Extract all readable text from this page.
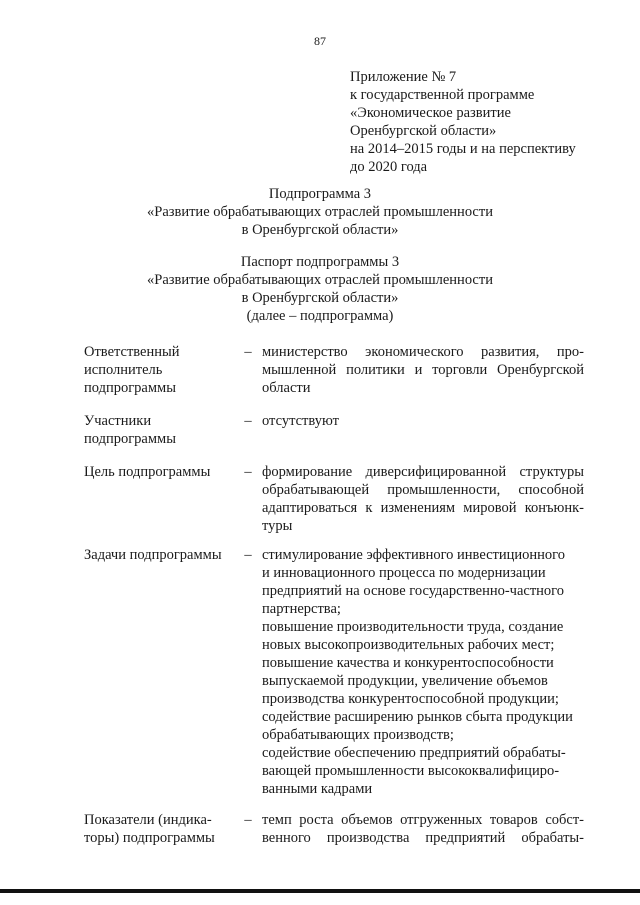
87
Приложение № 7
к государственной программе
«Экономическое развитие
Оренбургской области»
на 2014–2015 годы и на перспективу
до 2020 года
Подпрограмма 3
«Развитие обрабатывающих отраслей промышленности
в Оренбургской области»
Паспорт подпрограммы 3
«Развитие обрабатывающих отраслей промышленности
в Оренбургской области»
(далее – подпрограмма)
Ответственный
исполнитель
подпрограммы
– министерство экономического развития, про-
мышленной политики и торговли Оренбургской
области
Участники
подпрограммы
– отсутствуют
Цель подпрограммы	– формирование диверсифицированной структуры
обрабатывающей промышленности, способной
адаптироваться к изменениям мировой конъюнк-
туры
Задачи подпрограммы	– стимулирование эффективного инвестиционного
и инновационного процесса по модернизации
предприятий на основе государственно-частного
партнерства;
повышение производительности труда, создание
новых высокопроизводительных рабочих мест;
повышение качества и конкурентоспособности
выпускаемой продукции, увеличение объемов
производства конкурентоспособной продукции;
содействие расширению рынков сбыта продукции
обрабатывающих производств;
содействие обеспечению предприятий обрабаты-
вающей промышленности высококвалифициро-
ванными кадрами
Показатели (индика-
торы) подпрограммы
– темп роста объемов отгруженных товаров собст-
венного производства предприятий обрабаты-
